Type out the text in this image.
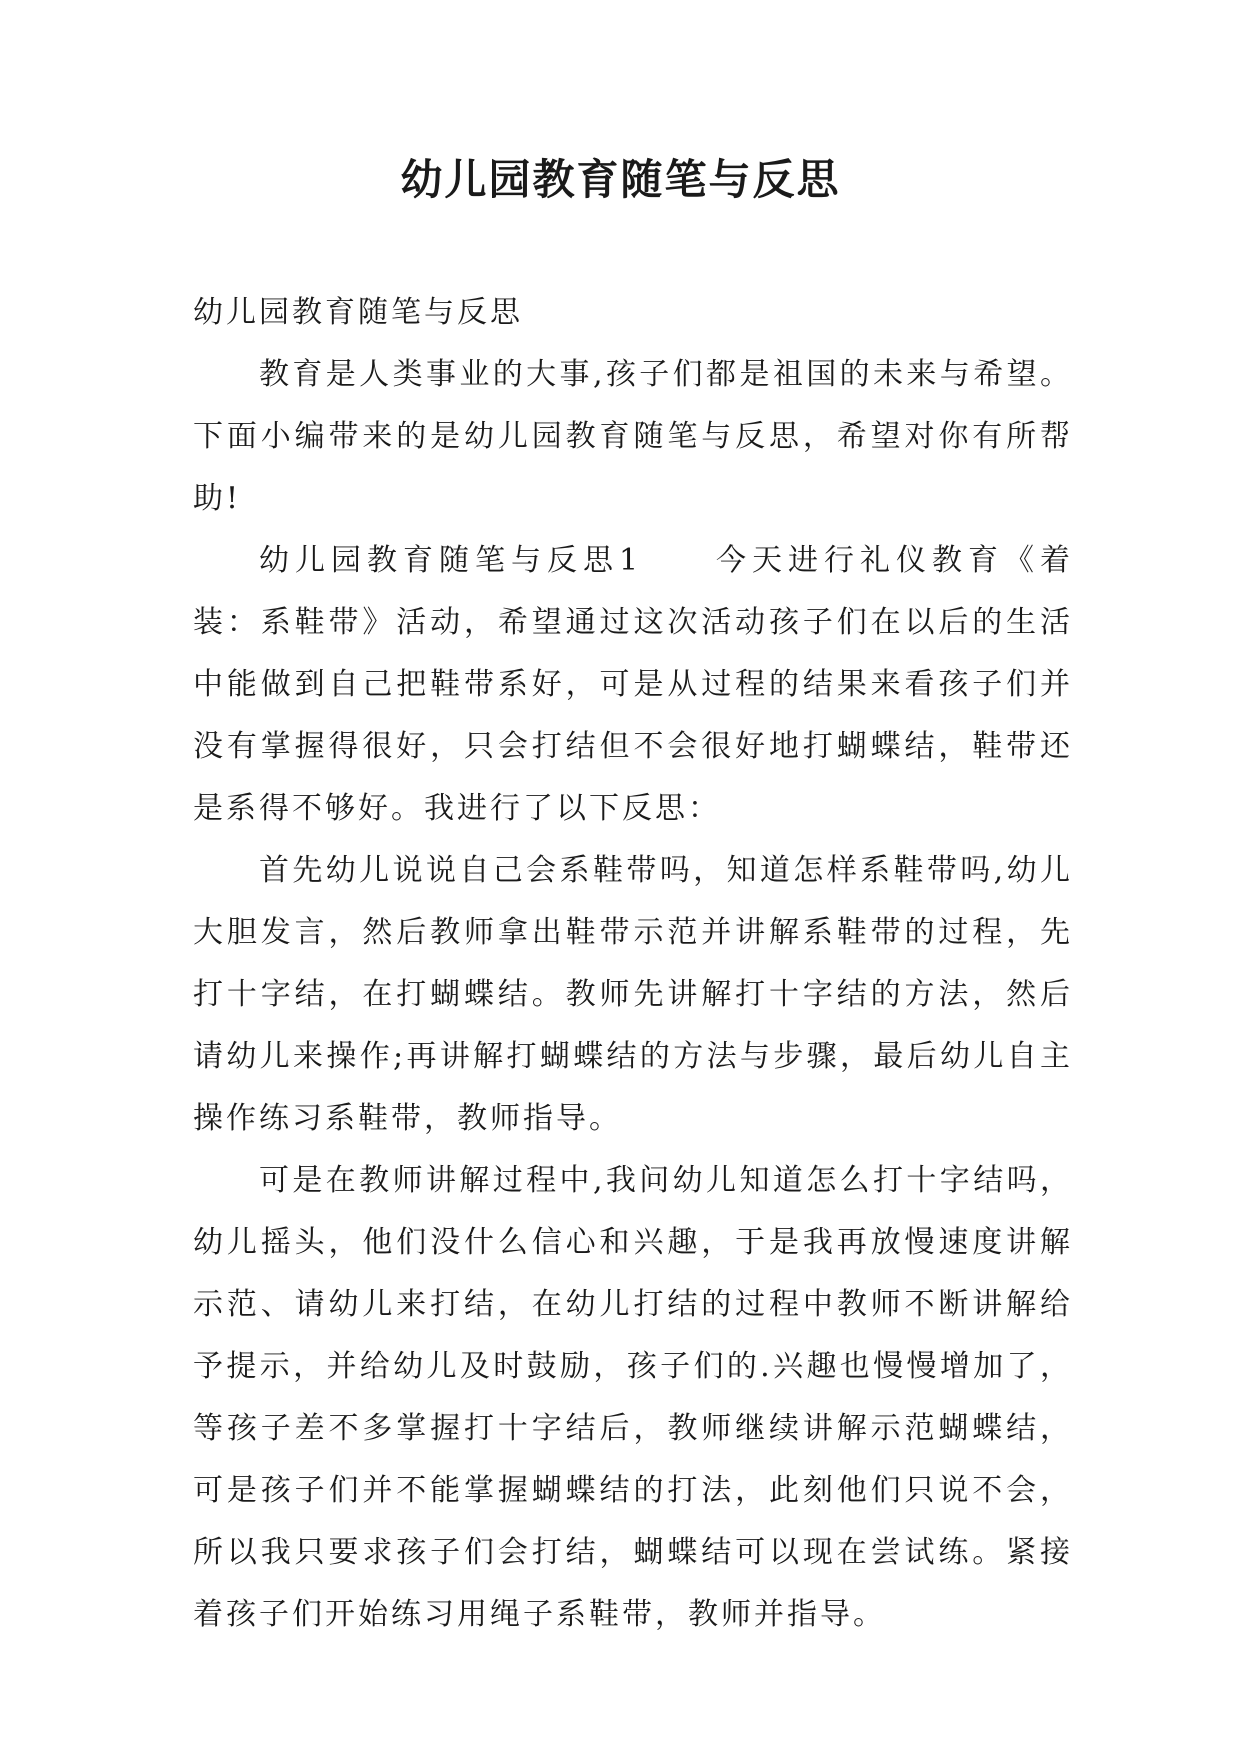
幼儿园教育随笔与反思

幼儿园教育随笔与反思

教育是人类事业的大事,孩子们都是祖国的未来与希望。下面小编带来的是幼儿园教育随笔与反思，希望对你有所帮助!

幼儿园教育随笔与反思1　　今天进行礼仪教育《着装：系鞋带》活动，希望通过这次活动孩子们在以后的生活中能做到自己把鞋带系好，可是从过程的结果来看孩子们并没有掌握得很好，只会打结但不会很好地打蝴蝶结，鞋带还是系得不够好。我进行了以下反思：

首先幼儿说说自己会系鞋带吗，知道怎样系鞋带吗,幼儿大胆发言，然后教师拿出鞋带示范并讲解系鞋带的过程，先打十字结，在打蝴蝶结。教师先讲解打十字结的方法，然后请幼儿来操作;再讲解打蝴蝶结的方法与步骤，最后幼儿自主操作练习系鞋带，教师指导。

可是在教师讲解过程中,我问幼儿知道怎么打十字结吗，幼儿摇头，他们没什么信心和兴趣，于是我再放慢速度讲解示范、请幼儿来打结，在幼儿打结的过程中教师不断讲解给予提示，并给幼儿及时鼓励，孩子们的.兴趣也慢慢增加了，等孩子差不多掌握打十字结后，教师继续讲解示范蝴蝶结，可是孩子们并不能掌握蝴蝶结的打法，此刻他们只说不会，所以我只要求孩子们会打结，蝴蝶结可以现在尝试练。紧接着孩子们开始练习用绳子系鞋带，教师并指导。
